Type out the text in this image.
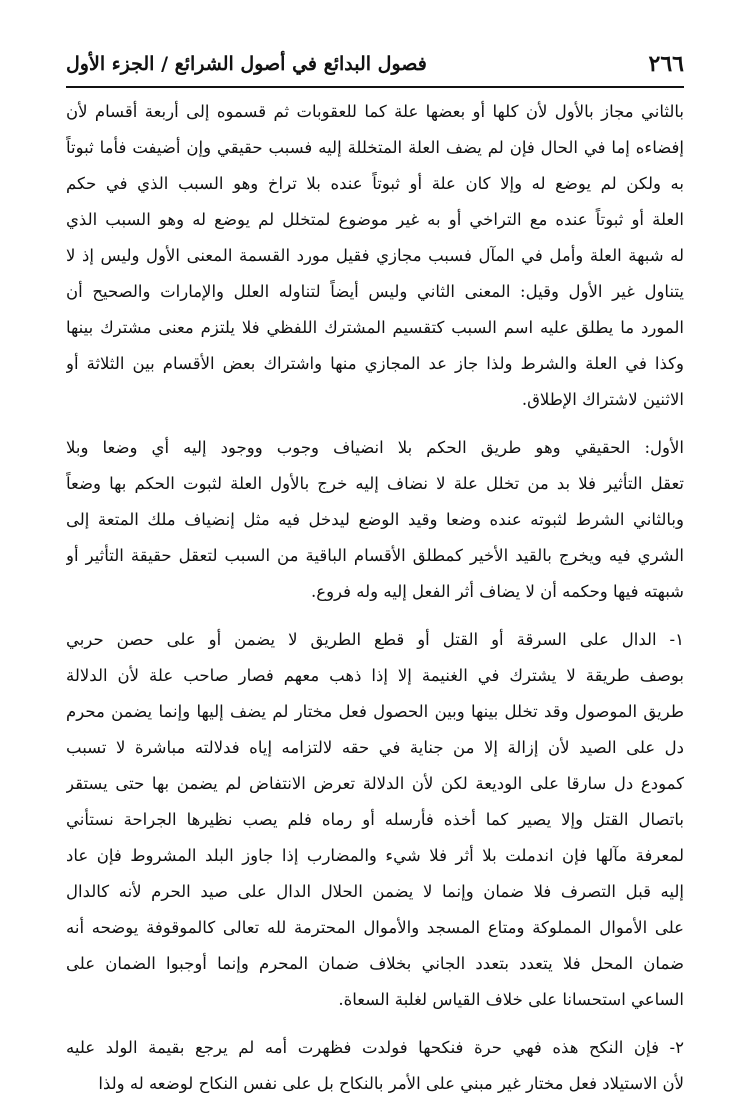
٢٦٦
فصول البدائع في أصول الشرائع / الجزء الأول
بالثاني مجاز بالأول لأن كلها أو بعضها علة كما للعقوبات ثم قسموه إلى أربعة أقسام لأن
إفضاءه إما في الحال فإن لم يضف العلة المتخللة إليه فسبب حقيقي وإن أضيفت فأما ثبوتاً
به ولكن لم يوضع له وإلا كان علة أو ثبوتاً عنده بلا تراخ وهو السبب الذي في حكم
العلة أو ثبوتاً عنده مع التراخي أو به غير موضوع لمتخلل لم يوضع له وهو السبب الذي
له شبهة العلة وأمل في المآل فسبب مجازي فقيل مورد القسمة المعنى الأول وليس إذ لا
يتناول غير الأول وقيل: المعنى الثاني وليس أيضاً لتناوله العلل والإمارات والصحيح أن
المورد ما يطلق عليه اسم السبب كتقسيم المشترك اللفظي فلا يلتزم معنى مشترك بينها
وكذا في العلة والشرط ولذا جاز عد المجازي منها واشتراك بعض الأقسام بين الثلاثة أو
الاثنين لاشتراك الإطلاق.
الأول: الحقيقي وهو طريق الحكم بلا انضياف وجوب ووجود إليه أي وضعا وبلا
تعقل التأثير فلا بد من تخلل علة لا نضاف إليه خرج بالأول العلة لثبوت الحكم بها وضعاً
وبالثاني الشرط لثبوته عنده وضعا وقيد الوضع ليدخل فيه مثل إنضياف ملك المتعة إلى
الشري فيه ويخرج بالقيد الأخير كمطلق الأقسام الباقية من السبب لتعقل حقيقة التأثير أو
شبهته فيها وحكمه أن لا يضاف أثر الفعل إليه وله فروع.
١- الدال على السرقة أو القتل أو قطع الطريق لا يضمن أو على حصن حربي
بوصف طريقة لا يشترك في الغنيمة إلا إذا ذهب معهم فصار صاحب علة لأن الدلالة
طريق الموصول وقد تخلل بينها وبين الحصول فعل مختار لم يضف إليها وإنما يضمن محرم
دل على الصيد لأن إزالة إلا من جناية في حقه لالتزامه إياه فدلالته مباشرة لا تسبب
كمودع دل سارقا على الوديعة لكن لأن الدلالة تعرض الانتفاض لم يضمن بها حتى يستقر
باتصال القتل وإلا يصير كما أخذه فأرسله أو رماه فلم يصب نظيرها الجراحة نستأني
لمعرفة مآلها فإن اندملت بلا أثر فلا شيء والمضارب إذا جاوز البلد المشروط فإن عاد
إليه قبل التصرف فلا ضمان وإنما لا يضمن الحلال الدال على صيد الحرم لأنه كالدال
على الأموال المملوكة ومتاع المسجد والأموال المحترمة لله تعالى كالموقوفة يوضحه أنه
ضمان المحل فلا يتعدد بتعدد الجاني بخلاف ضمان المحرم وإنما أوجبوا الضمان على
الساعي استحسانا على خلاف القياس لغلبة السعاة.
٢- فإن النكح هذه فهي حرة فنكحها فولدت فظهرت أمه لم يرجع بقيمة الولد عليه
لأن الاستيلاد فعل مختار غير مبني على الأمر بالنكاح بل على نفس النكاح لوضعه له ولذا
